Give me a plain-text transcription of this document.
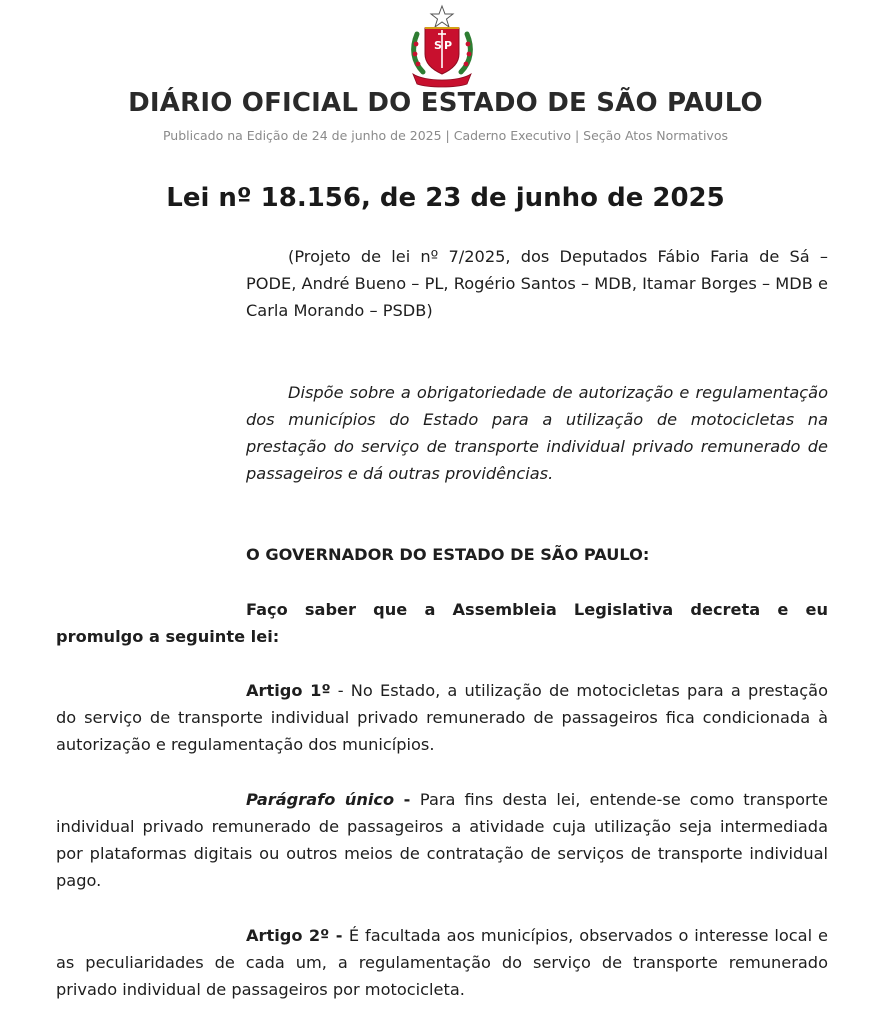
S P
DIÁRIO OFICIAL DO ESTADO DE SÃO PAULO
Publicado na Edição de 24 de junho de 2025 | Caderno Executivo | Seção Atos Normativos
Lei nº 18.156, de 23 de junho de 2025
(Projeto de lei nº 7/2025, dos Deputados Fábio Faria de Sá – PODE, André Bueno – PL, Rogério Santos – MDB, Itamar Borges – MDB e Carla Morando – PSDB)
Dispõe sobre a obrigatoriedade de autorização e regulamentação dos municípios do Estado para a utilização de motocicletas na prestação do serviço de transporte individual privado remunerado de passageiros e dá outras providências.
O GOVERNADOR DO ESTADO DE SÃO PAULO:
Faço saber que a Assembleia Legislativa decreta e eu promulgo a seguinte lei:
Artigo 1º - No Estado, a utilização de motocicletas para a prestação do serviço de transporte individual privado remunerado de passageiros fica condicionada à autorização e regulamentação dos municípios.
Parágrafo único - Para fins desta lei, entende-se como transporte individual privado remunerado de passageiros a atividade cuja utilização seja intermediada por plataformas digitais ou outros meios de contratação de serviços de transporte individual pago.
Artigo 2º - É facultada aos municípios, observados o interesse local e as peculiaridades de cada um, a regulamentação do serviço de transporte remunerado privado individual de passageiros por motocicleta.
